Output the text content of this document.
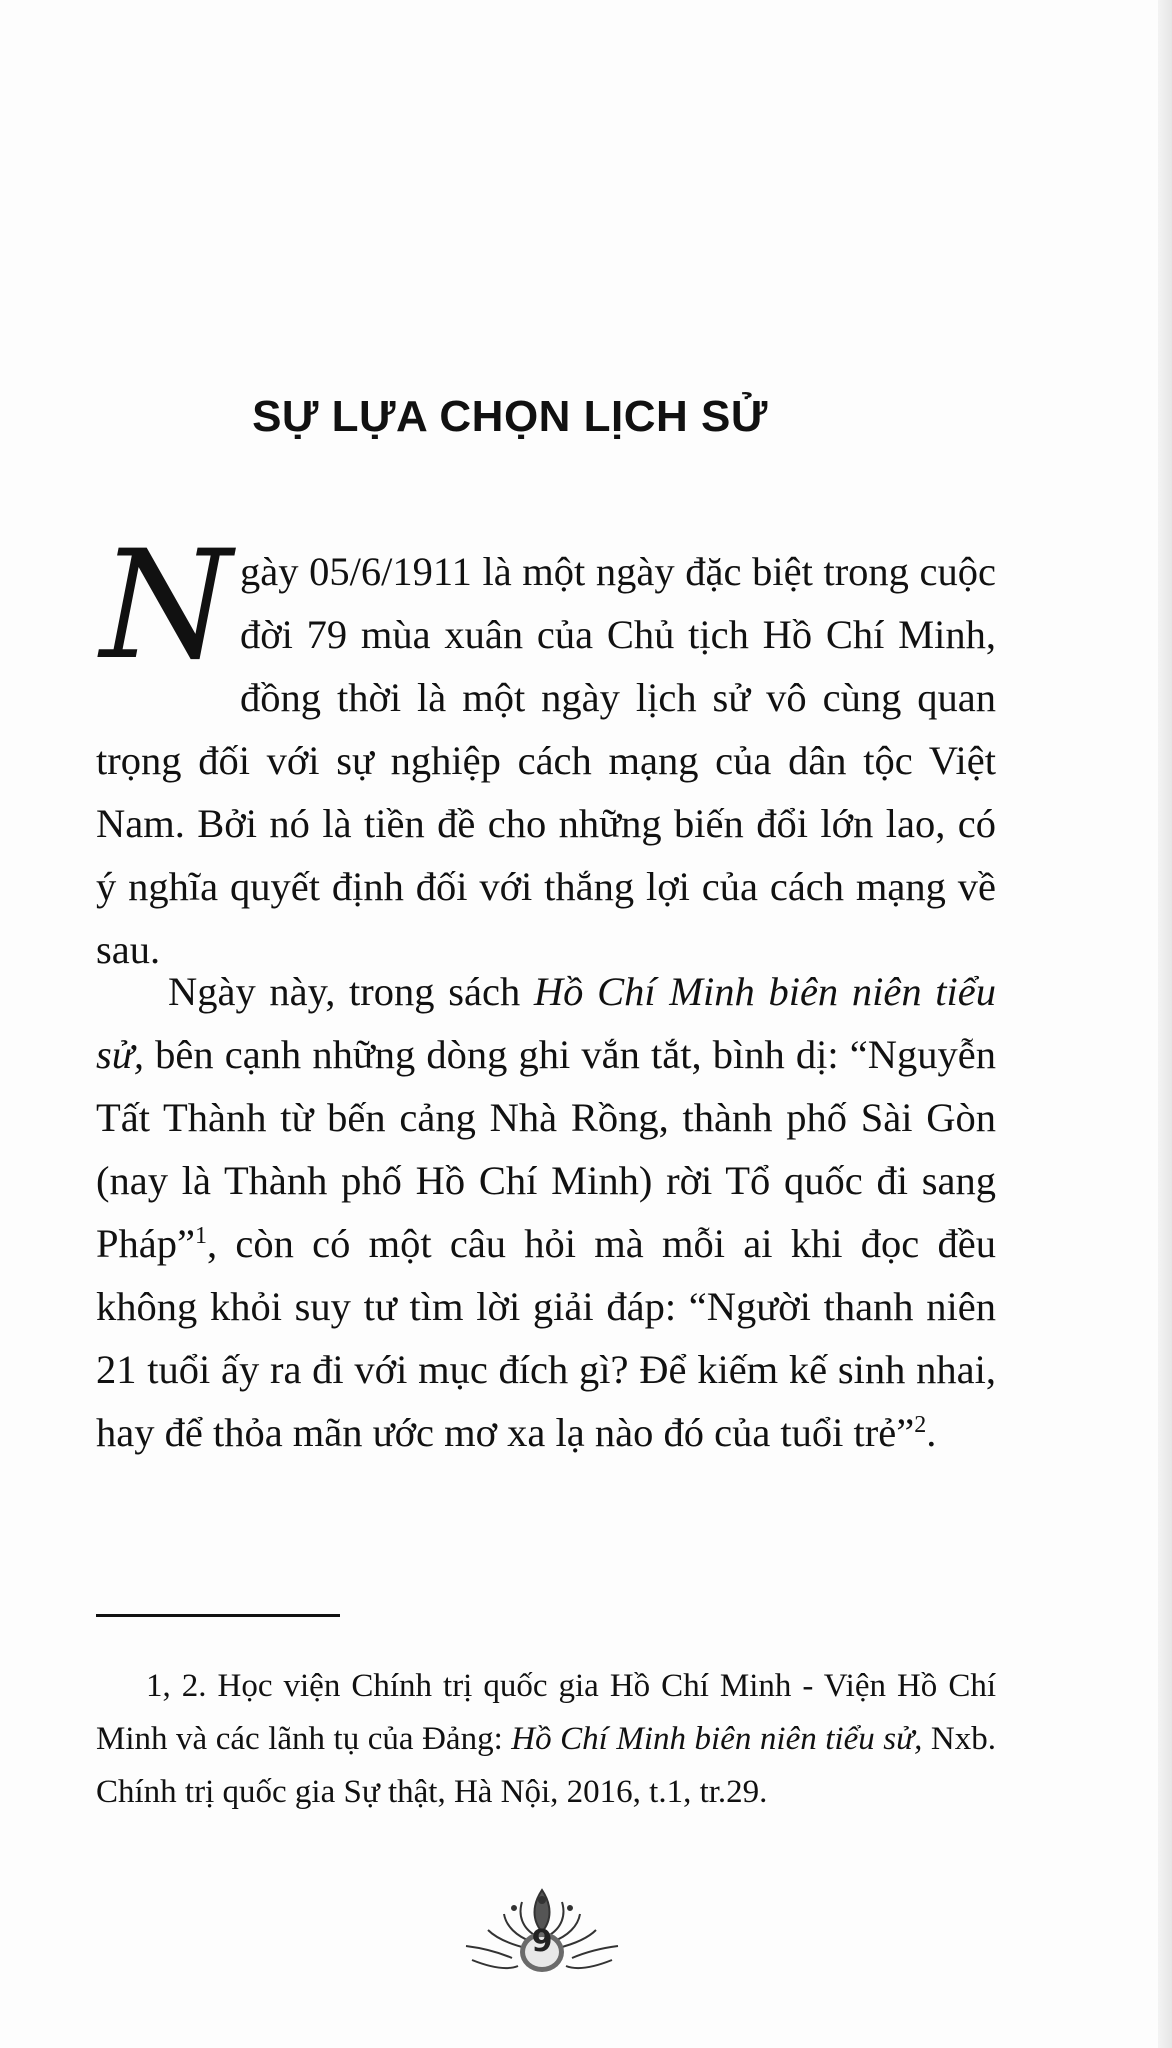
SỰ LỰA CHỌN LỊCH SỬ
Ngày 05/6/1911 là một ngày đặc biệt trong cuộc đời 79 mùa xuân của Chủ tịch Hồ Chí Minh, đồng thời là một ngày lịch sử vô cùng quan trọng đối với sự nghiệp cách mạng của dân tộc Việt Nam. Bởi nó là tiền đề cho những biến đổi lớn lao, có ý nghĩa quyết định đối với thắng lợi của cách mạng về sau.
Ngày này, trong sách Hồ Chí Minh biên niên tiểu sử, bên cạnh những dòng ghi vắn tắt, bình dị: “Nguyễn Tất Thành từ bến cảng Nhà Rồng, thành phố Sài Gòn (nay là Thành phố Hồ Chí Minh) rời Tổ quốc đi sang Pháp”$^1$, còn có một câu hỏi mà mỗi ai khi đọc đều không khỏi suy tư tìm lời giải đáp: “Người thanh niên 21 tuổi ấy ra đi với mục đích gì? Để kiếm kế sinh nhai, hay để thỏa mãn ước mơ xa lạ nào đó của tuổi trẻ”$^2$.
1, 2. Học viện Chính trị quốc gia Hồ Chí Minh - Viện Hồ Chí Minh và các lãnh tụ của Đảng: Hồ Chí Minh biên niên tiểu sử, Nxb. Chính trị quốc gia Sự thật, Hà Nội, 2016, t.1, tr.29.
9
